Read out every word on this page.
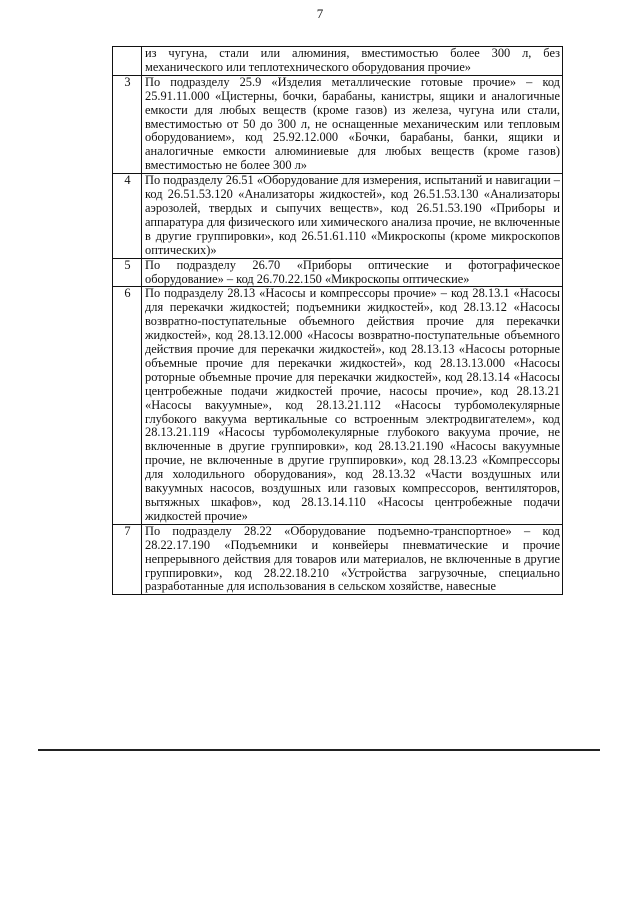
7
	из чугуна, стали или алюминия, вместимостью более 300 л, без механического или теплотехнического оборудования прочие»
3	По подразделу 25.9 «Изделия металлические готовые прочие» – код 25.91.11.000 «Цистерны, бочки, барабаны, канистры, ящики и аналогичные емкости для любых веществ (кроме газов) из железа, чугуна или стали, вместимостью от 50 до 300 л, не оснащенные механическим или тепловым оборудованием», код 25.92.12.000 «Бочки, барабаны, банки, ящики и аналогичные емкости алюминиевые для любых веществ (кроме газов) вместимостью не более 300 л»
4	По подразделу 26.51 «Оборудование для измерения, испытаний и навигации – код 26.51.53.120 «Анализаторы жидкостей», код 26.51.53.130 «Анализаторы аэрозолей, твердых и сыпучих веществ», код 26.51.53.190 «Приборы и аппаратура для физического или химического анализа прочие, не включенные в другие группировки», код 26.51.61.110 «Микроскопы (кроме микроскопов оптических)»
5	По подразделу 26.70 «Приборы оптические и фотографическое оборудование» – код 26.70.22.150 «Микроскопы оптические»
6	По подразделу 28.13 «Насосы и компрессоры прочие» – код 28.13.1 «Насосы для перекачки жидкостей; подъемники жидкостей», код 28.13.12 «Насосы возвратно-поступательные объемного действия прочие для перекачки жидкостей», код 28.13.12.000 «Насосы возвратно-поступательные объемного действия прочие для перекачки жидкостей», код 28.13.13 «Насосы роторные объемные прочие для перекачки жидкостей», код 28.13.13.000 «Насосы роторные объемные прочие для перекачки жидкостей», код 28.13.14 «Насосы центробежные подачи жидкостей прочие, насосы прочие», код 28.13.21 «Насосы вакуумные», код 28.13.21.112 «Насосы турбомолекулярные глубокого вакуума вертикальные со встроенным электродвигателем», код 28.13.21.119 «Насосы турбомолекулярные глубокого вакуума прочие, не включенные в другие группировки», код 28.13.21.190 «Насосы вакуумные прочие, не включенные в другие группировки», код 28.13.23 «Компрессоры для холодильного оборудования», код 28.13.32 «Части воздушных или вакуумных насосов, воздушных или газовых компрессоров, вентиляторов, вытяжных шкафов», код 28.13.14.110 «Насосы центробежные подачи жидкостей прочие»
7	По подразделу 28.22 «Оборудование подъемно-транспортное» – код 28.22.17.190 «Подъемники и конвейеры пневматические и прочие непрерывного действия для товаров или материалов, не включенные в другие группировки», код 28.22.18.210 «Устройства загрузочные, специально разработанные для использования в сельском хозяйстве, навесные
